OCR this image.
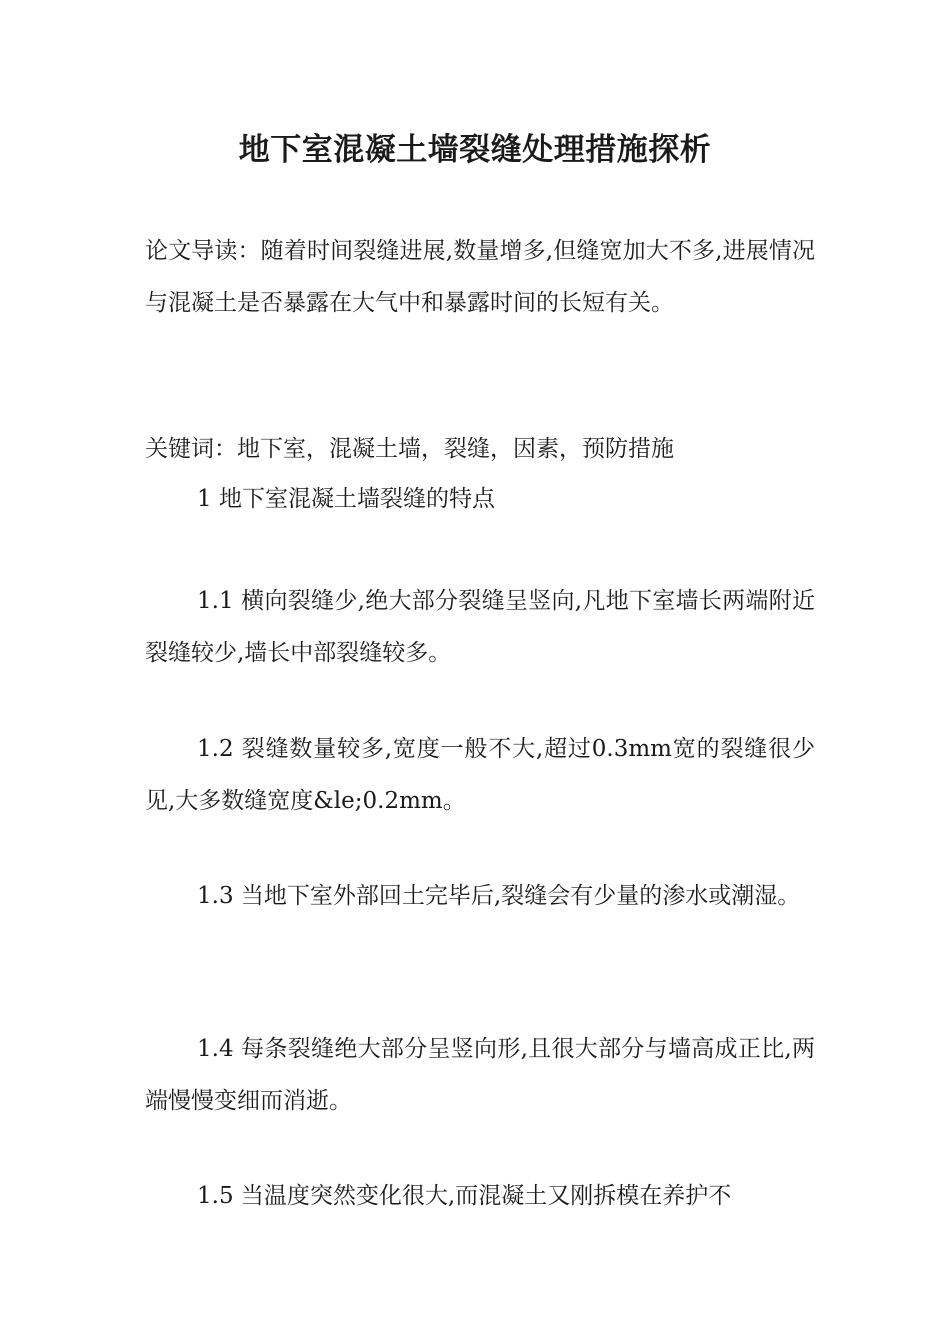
地下室混凝土墙裂缝处理措施探析

论文导读：随着时间裂缝进展,数量增多,但缝宽加大不多,进展情况与混凝土是否暴露在大气中和暴露时间的长短有关。

关键词：地下室，混凝土墙，裂缝，因素，预防措施

1 地下室混凝土墙裂缝的特点

1.1 横向裂缝少,绝大部分裂缝呈竖向,凡地下室墙长两端附近裂缝较少,墙长中部裂缝较多。

1.2 裂缝数量较多,宽度一般不大,超过0.3mm宽的裂缝很少见,大多数缝宽度&le;0.2mm。

1.3 当地下室外部回土完毕后,裂缝会有少量的渗水或潮湿。

1.4 每条裂缝绝大部分呈竖向形,且很大部分与墙高成正比,两端慢慢变细而消逝。

1.5 当温度突然变化很大,而混凝土又刚拆模在养护不
